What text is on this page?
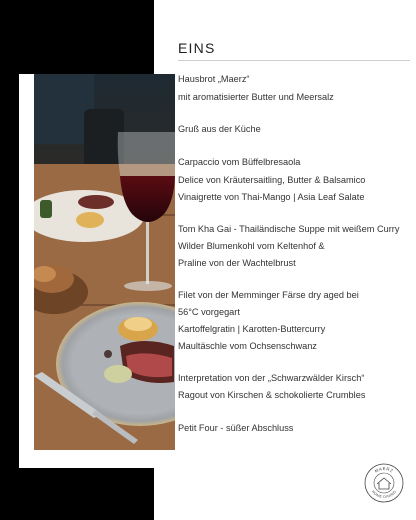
EINS
Hausbrot „Maerz“
mit aromatisierter Butter und Meersalz
Gruß aus der Küche
Carpaccio vom Büffelbresaola
Delice von Kräutersaitling, Butter & Balsamico
Vinaigrette von Thai-Mango | Asia Leaf Salate
Tom Kha Gai - Thailändische Suppe mit weißem Curry
Wilder Blumenkohl vom Keltenhof &
Praline von der Wachtelbrust
Filet von der Memminger Färse dry aged bei
56°C vorgegart
Kartoffelgratin | Karotten-Buttercurry
Maultäschle vom Ochsenschwanz
Interpretation von der „Schwarzwälder Kirsch“
Ragout von Kirschen & schokolierte Crumbles
Petit Four - süßer Abschluss
MAERZ
HOME DINING
